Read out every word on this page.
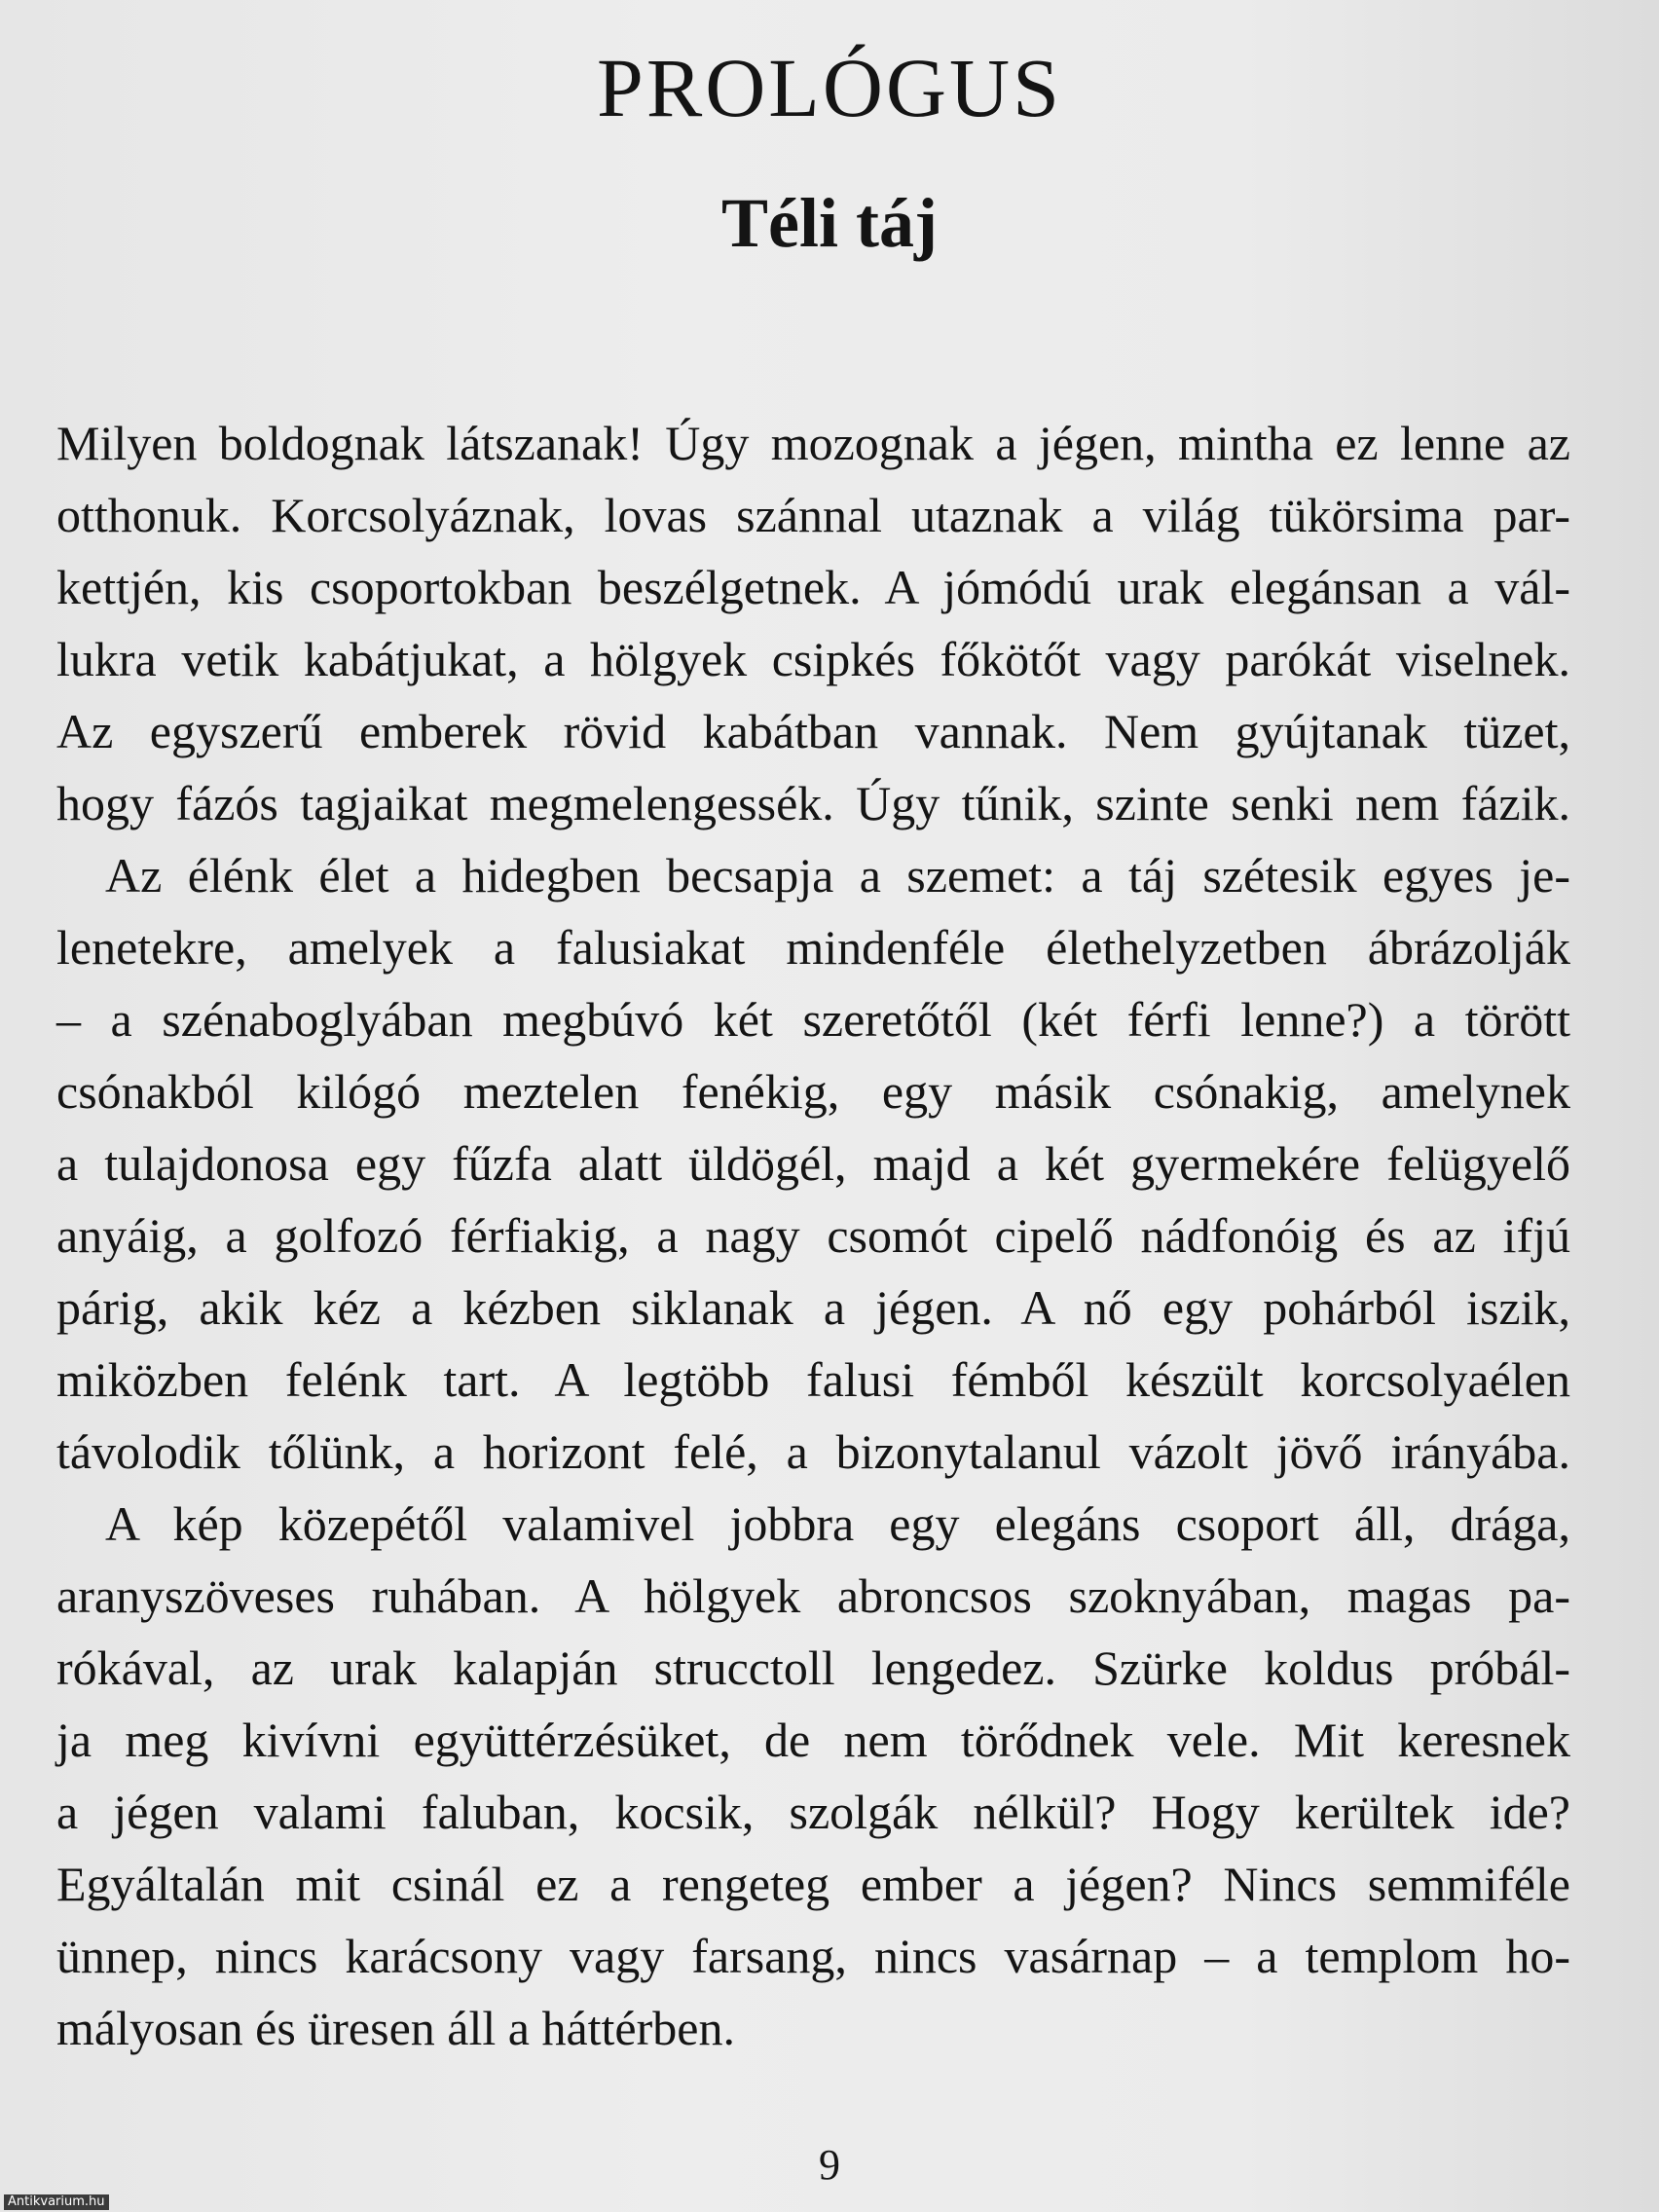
PROLÓGUS
Téli táj
Milyen boldognak látszanak! Úgy mozognak a jégen, mintha ez lenne az
otthonuk. Korcsolyáznak, lovas szánnal utaznak a világ tükörsima par-
kettjén, kis csoportokban beszélgetnek. A jómódú urak elegánsan a vál-
lukra vetik kabátjukat, a hölgyek csipkés főkötőt vagy parókát viselnek.
Az egyszerű emberek rövid kabátban vannak. Nem gyújtanak tüzet,
hogy fázós tagjaikat megmelengessék. Úgy tűnik, szinte senki nem fázik.
Az élénk élet a hidegben becsapja a szemet: a táj szétesik egyes je-
lenetekre, amelyek a falusiakat mindenféle élethelyzetben ábrázolják
– a szénaboglyában megbúvó két szeretőtől (két férfi lenne?) a törött
csónakból kilógó meztelen fenékig, egy másik csónakig, amelynek
a tulajdonosa egy fűzfa alatt üldögél, majd a két gyermekére felügyelő
anyáig, a golfozó férfiakig, a nagy csomót cipelő nádfonóig és az ifjú
párig, akik kéz a kézben siklanak a jégen. A nő egy pohárból iszik,
miközben felénk tart. A legtöbb falusi fémből készült korcsolyaélen
távolodik tőlünk, a horizont felé, a bizonytalanul vázolt jövő irányába.
A kép közepétől valamivel jobbra egy elegáns csoport áll, drága,
aranyszöveses ruhában. A hölgyek abroncsos szoknyában, magas pa-
rókával, az urak kalapján strucctoll lengedez. Szürke koldus próbál-
ja meg kivívni együttérzésüket, de nem törődnek vele. Mit keresnek
a jégen valami faluban, kocsik, szolgák nélkül? Hogy kerültek ide?
Egyáltalán mit csinál ez a rengeteg ember a jégen? Nincs semmiféle
ünnep, nincs karácsony vagy farsang, nincs vasárnap – a templom ho-
mályosan és üresen áll a háttérben.
9
Antikvarium.hu
